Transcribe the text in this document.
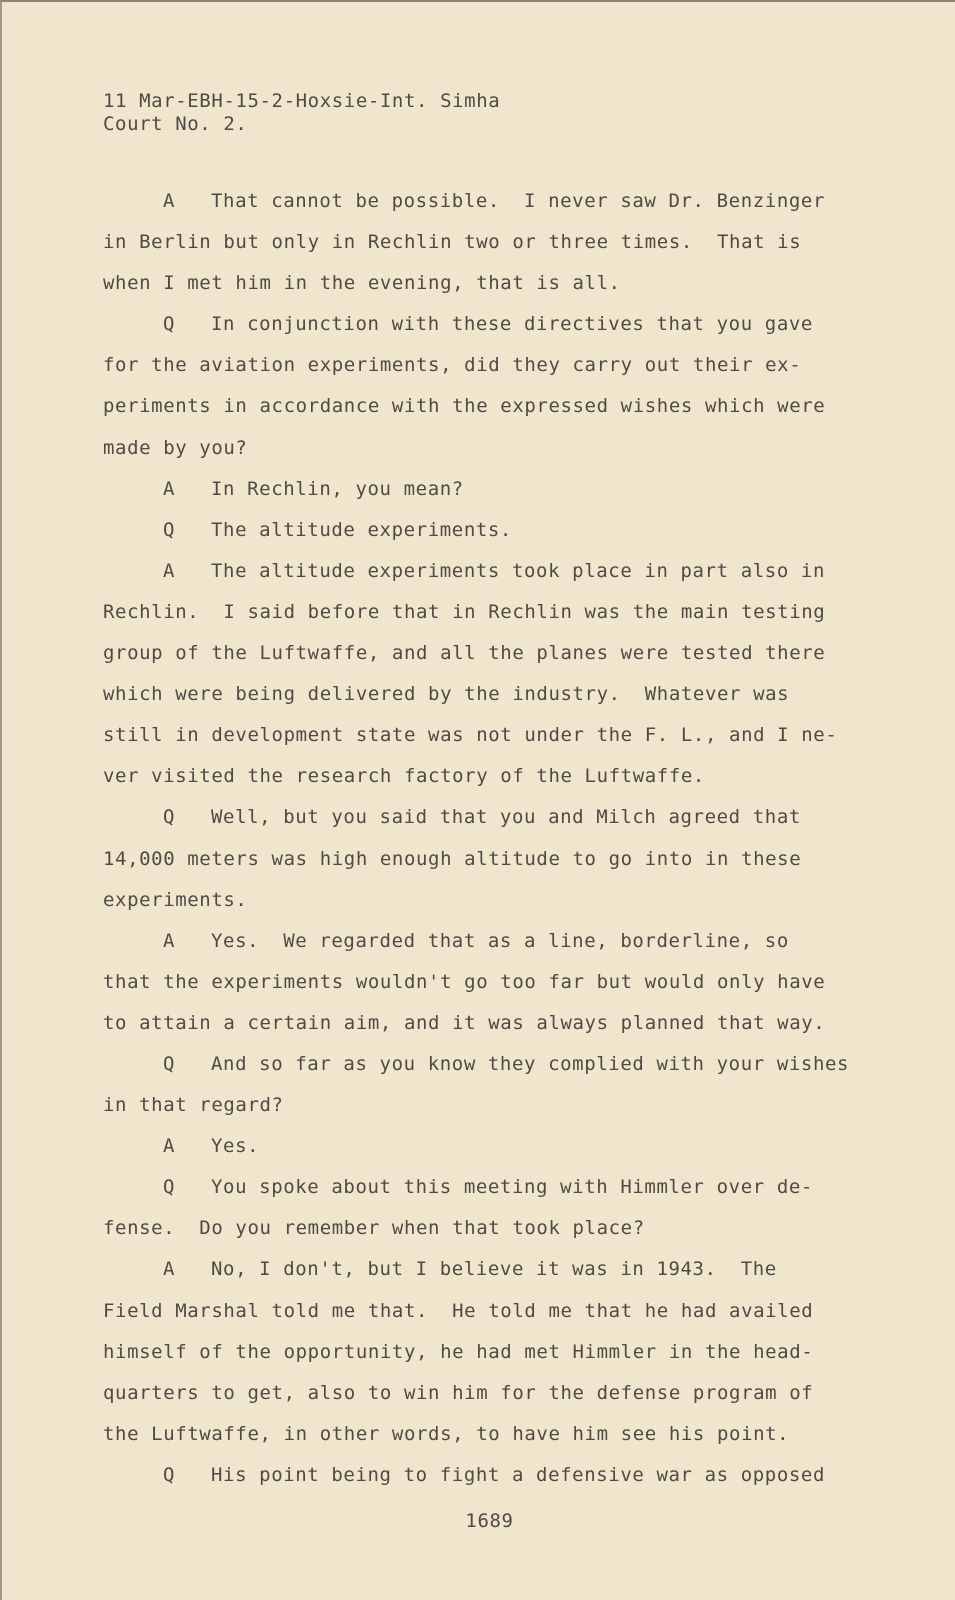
11 Mar-EBH-15-2-Hoxsie-Int. Simha
Court No. 2.
A That cannot be possible.  I never saw Dr. Benzinger
in Berlin but only in Rechlin two or three times.  That is
when I met him in the evening, that is all.
Q In conjunction with these directives that you gave
for the aviation experiments, did they carry out their ex-
periments in accordance with the expressed wishes which were
made by you?
A In Rechlin, you mean?
Q The altitude experiments.
A The altitude experiments took place in part also in
Rechlin.  I said before that in Rechlin was the main testing
group of the Luftwaffe, and all the planes were tested there
which were being delivered by the industry.  Whatever was
still in development state was not under the F. L., and I ne-
ver visited the research factory of the Luftwaffe.
Q Well, but you said that you and Milch agreed that
14,000 meters was high enough altitude to go into in these
experiments.
A Yes.  We regarded that as a line, borderline, so
that the experiments wouldn't go too far but would only have
to attain a certain aim, and it was always planned that way.
Q And so far as you know they complied with your wishes
in that regard?
A Yes.
Q You spoke about this meeting with Himmler over de-
fense.  Do you remember when that took place?
A No, I don't, but I believe it was in 1943.  The
Field Marshal told me that.  He told me that he had availed
himself of the opportunity, he had met Himmler in the head-
quarters to get, also to win him for the defense program of
the Luftwaffe, in other words, to have him see his point.
Q His point being to fight a defensive war as opposed
1689
